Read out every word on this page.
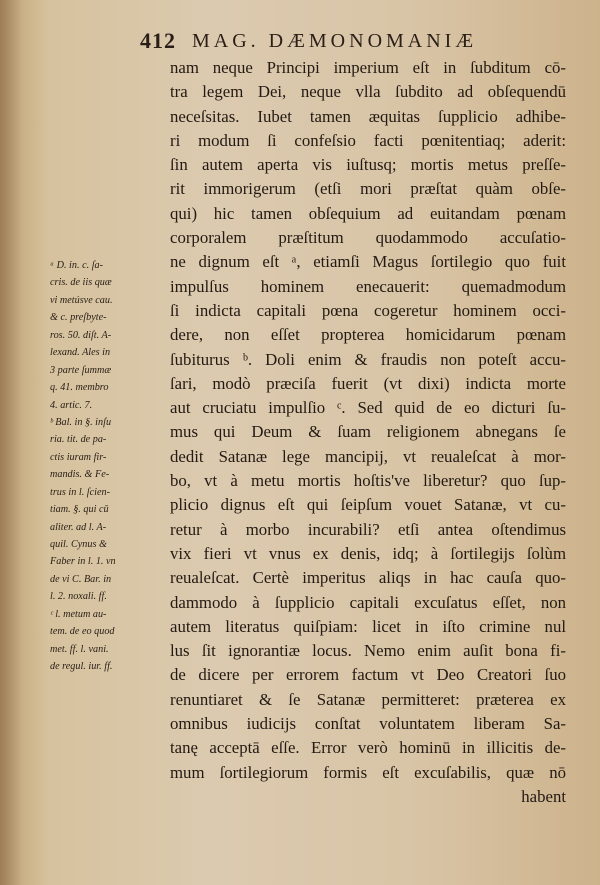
412 MAG. DÆMONOMANIÆ
ᵃ D. in. c. ſa-
cris. de iis quæ
vi metúsve cau.
& c. preſbyte-
ros. 50. diſt. A-
lexand. Ales in
3 parte ſummæ
q. 41. membro
4. artic. 7.
ᵇ Bal. in §. inſu
ria. tit. de pa-
ctis iuram fir-
mandis. & Fe-
trus in l. ſcien-
tiam. §. qui cū
aliter. ad l. A-
quil. Cynus &
Faber in l. 1. vn
de vi C. Bar. in
l. 2. noxali. ff.
ᶜ l. metum au-
tem. de eo quod
met. ff. l. vani.
de regul. iur. ff.
nam neque Principi imperium eſt in ſubditum cō-
tra legem Dei, neque vlla ſubdito ad obſequendū
neceſsitas. Iubet tamen æquitas ſupplicio adhibe-
ri modum ſi confeſsio facti pœnitentiaq; aderit:
ſin autem aperta vis iuſtusq; mortis metus preſſe-
rit immorigerum (etſi mori præſtat quàm obſe-
qui) hic tamen obſequium ad euitandam pœnam
corporalem præſtitum quodammodo accuſatio-
ne dignum eſt ᵃ, etiamſi Magus ſortilegio quo fuit
impulſus hominem enecauerit: quemadmodum
ſi indicta capitali pœna cogeretur hominem occi-
dere, non eſſet propterea homicidarum pœnam
ſubiturus ᵇ. Doli enim & fraudis non poteſt accu-
ſari, modò præciſa fuerit (vt dixi) indicta morte
aut cruciatu impulſio ᶜ. Sed quid de eo dicturi ſu-
mus qui Deum & ſuam religionem abnegans ſe
dedit Satanæ lege mancipij, vt reualeſcat à mor-
bo, vt à metu mortis hoſtis've liberetur? quo ſup-
plicio dignus eſt qui ſeipſum vouet Satanæ, vt cu-
retur à morbo incurabili? etſi antea oſtendimus
vix fieri vt vnus ex denis, idq; à ſortilegijs ſolùm
reualeſcat. Certè imperitus aliqs in hac cauſa quo-
dammodo à ſupplicio capitali excuſatus eſſet, non
autem literatus quiſpiam: licet in iſto crimine nul
lus ſit ignorantiæ locus. Nemo enim auſit bona fi-
de dicere per errorem factum vt Deo Creatori ſuo
renuntiaret & ſe Satanæ permitteret: præterea ex
omnibus iudicijs conſtat voluntatem liberam Sa-
tanę acceptā eſſe. Error verò hominū in illicitis de-
mum ſortilegiorum formis eſt excuſabilis, quæ nō
habent
